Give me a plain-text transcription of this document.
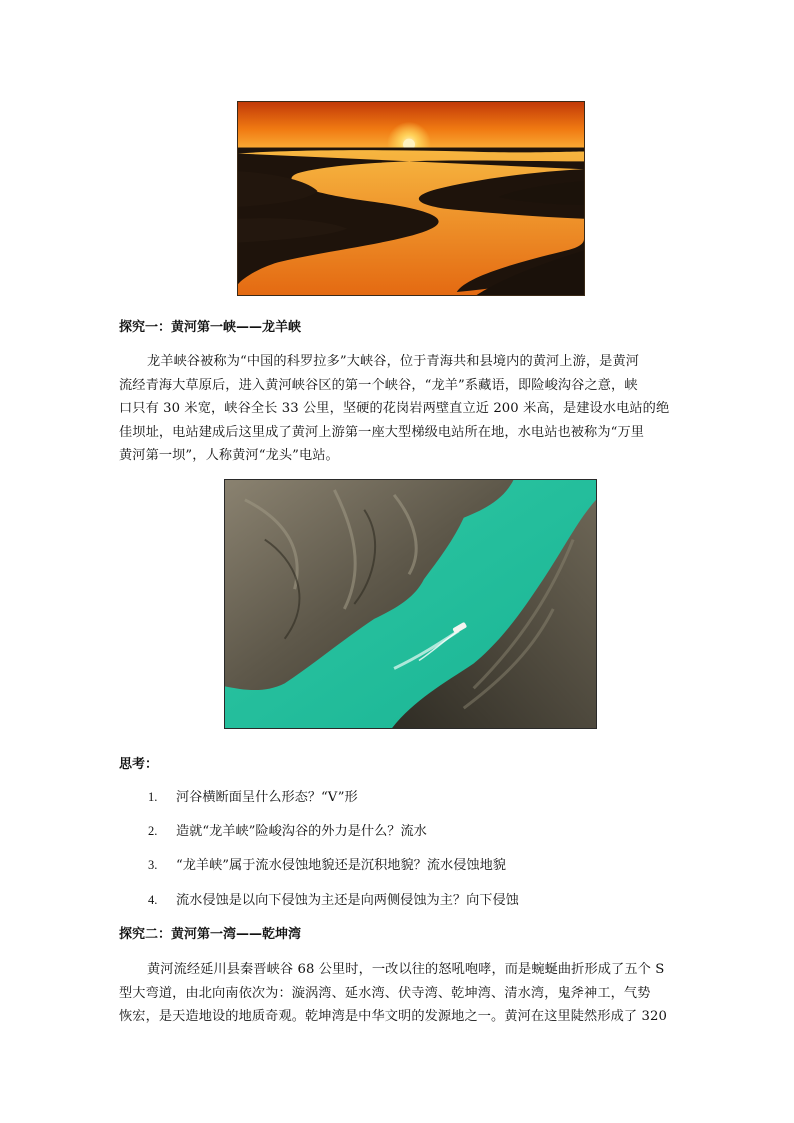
探究一：黄河第一峡——龙羊峡
龙羊峡谷被称为“中国的科罗拉多”大峡谷，位于青海共和县境内的黄河上游，是黄河
流经青海大草原后，进入黄河峡谷区的第一个峡谷，“龙羊”系藏语，即险峻沟谷之意，峡
口只有 30 米宽，峡谷全长 33 公里，坚硬的花岗岩两壁直立近 200 米高，是建设水电站的绝
佳坝址，电站建成后这里成了黄河上游第一座大型梯级电站所在地，水电站也被称为“万里
黄河第一坝”，人称黄河“龙头”电站。
思考：
1. 河谷横断面呈什么形态？“V”形
2. 造就“龙羊峡”险峻沟谷的外力是什么？流水
3. “龙羊峡”属于流水侵蚀地貌还是沉积地貌？流水侵蚀地貌
4. 流水侵蚀是以向下侵蚀为主还是向两侧侵蚀为主？向下侵蚀
探究二：黄河第一湾——乾坤湾
黄河流经延川县秦晋峡谷 68 公里时，一改以往的怒吼咆哮，而是蜿蜒曲折形成了五个 S
型大弯道，由北向南依次为：漩涡湾、延水湾、伏寺湾、乾坤湾、清水湾，鬼斧神工，气势
恢宏，是天造地设的地质奇观。乾坤湾是中华文明的发源地之一。黄河在这里陡然形成了 320
